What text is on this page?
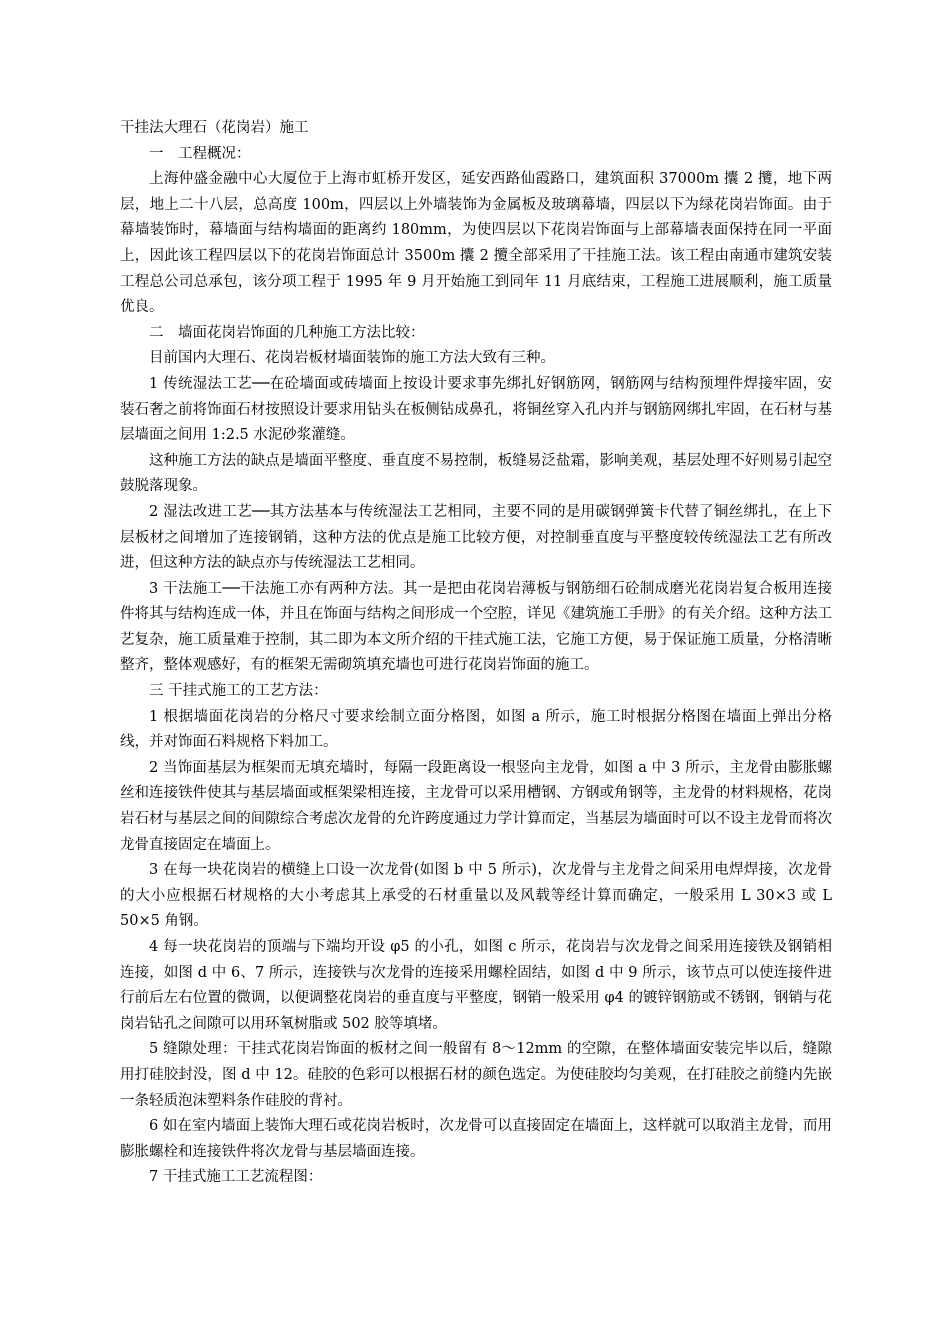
干挂法大理石（花岗岩）施工

一　工程概况：

上海仲盛金融中心大厦位于上海市虹桥开发区，延安西路仙霞路口，建筑面积 37000m 攮 2 攬，地下两层，地上二十八层，总高度 100m，四层以上外墙装饰为金属板及玻璃幕墙，四层以下为绿花岗岩饰面。由于幕墙装饰时，幕墙面与结构墙面的距离约 180mm，为使四层以下花岗岩饰面与上部幕墙表面保持在同一平面上，因此该工程四层以下的花岗岩饰面总计 3500m 攮 2 攬全部采用了干挂施工法。该工程由南通市建筑安装工程总公司总承包，该分项工程于 1995 年 9 月开始施工到同年 11 月底结束，工程施工进展顺利，施工质量优良。

二　墙面花岗岩饰面的几种施工方法比较：

目前国内大理石、花岗岩板材墙面装饰的施工方法大致有三种。

1 传统湿法工艺──在砼墙面或砖墙面上按设计要求事先绑扎好钢筋网，钢筋网与结构预埋件焊接牢固，安装石奢之前将饰面石材按照设计要求用钻头在板侧钻成鼻孔，将铜丝穿入孔内并与钢筋网绑扎牢固，在石材与基层墙面之间用 1:2.5 水泥砂浆灌缝。

这种施工方法的缺点是墙面平整度、垂直度不易控制，板缝易泛盐霜，影响美观，基层处理不好则易引起空鼓脱落现象。

2 湿法改进工艺──其方法基本与传统湿法工艺相同，主要不同的是用碳钢弹簧卡代替了铜丝绑扎，在上下层板材之间增加了连接钢销，这种方法的优点是施工比较方便，对控制垂直度与平整度较传统湿法工艺有所改进，但这种方法的缺点亦与传统湿法工艺相同。

3 干法施工──干法施工亦有两种方法。其一是把由花岗岩薄板与钢筋细石砼制成磨光花岗岩复合板用连接件将其与结构连成一体，并且在饰面与结构之间形成一个空腔，详见《建筑施工手册》的有关介绍。这种方法工艺复杂，施工质量难于控制，其二即为本文所介绍的干挂式施工法，它施工方便，易于保证施工质量，分格清晰整齐，整体观感好，有的框架无需砌筑填充墙也可进行花岗岩饰面的施工。

三 干挂式施工的工艺方法：

1 根据墙面花岗岩的分格尺寸要求绘制立面分格图，如图 a 所示，施工时根据分格图在墙面上弹出分格线，并对饰面石料规格下料加工。

2 当饰面基层为框架而无填充墙时，每隔一段距离设一根竖向主龙骨，如图 a 中 3 所示，主龙骨由膨胀螺丝和连接铁件使其与基层墙面或框架梁相连接，主龙骨可以采用槽钢、方钢或角钢等，主龙骨的材料规格，花岗岩石材与基层之间的间隙综合考虑次龙骨的允许跨度通过力学计算而定，当基层为墙面时可以不设主龙骨而将次龙骨直接固定在墙面上。

3 在每一块花岗岩的横缝上口设一次龙骨(如图 b 中 5 所示)，次龙骨与主龙骨之间采用电焊焊接，次龙骨的大小应根据石材规格的大小考虑其上承受的石材重量以及风载等经计算而确定，一般采用 L 30×3 或 L 50×5 角钢。

4 每一块花岗岩的顶端与下端均开设 φ5 的小孔，如图 c 所示，花岗岩与次龙骨之间采用连接铁及钢销相连接，如图 d 中 6、7 所示，连接铁与次龙骨的连接采用螺栓固结，如图 d 中 9 所示，该节点可以使连接件进行前后左右位置的微调，以便调整花岗岩的垂直度与平整度，钢销一般采用 φ4 的镀锌钢筋或不锈钢，钢销与花岗岩钻孔之间隙可以用环氧树脂或 502 胶等填堵。

5 缝隙处理：干挂式花岗岩饰面的板材之间一般留有 8～12mm 的空隙，在整体墙面安装完毕以后，缝隙用打硅胶封没，图 d 中 12。硅胶的色彩可以根据石材的颜色选定。为使硅胶均匀美观，在打硅胶之前缝内先嵌一条轻质泡沫塑料条作硅胶的背衬。

6 如在室内墙面上装饰大理石或花岗岩板时，次龙骨可以直接固定在墙面上，这样就可以取消主龙骨，而用膨胀螺栓和连接铁件将次龙骨与基层墙面连接。

7 干挂式施工工艺流程图：
